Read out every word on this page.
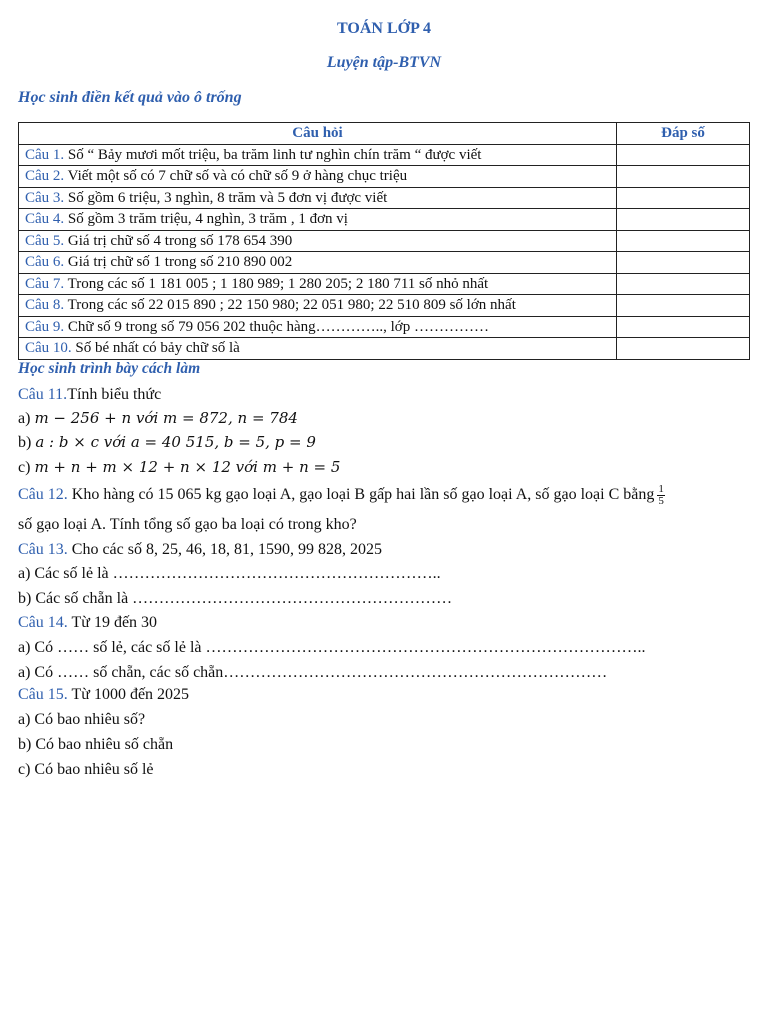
TOÁN LỚP 4
Luyện tập-BTVN
Học sinh điền kết quả vào ô trống
Câu hỏi	Đáp số
Câu 1. Số “ Bảy mươi mốt triệu, ba trăm linh tư nghìn chín trăm “ được viết	
Câu 2. Viết một số có 7 chữ số và có chữ số 9 ở hàng chục triệu	
Câu 3. Số gồm 6 triệu, 3 nghìn, 8 trăm và 5 đơn vị được viết	
Câu 4. Số gồm 3 trăm triệu, 4 nghìn, 3 trăm , 1 đơn vị	
Câu 5. Giá trị chữ số 4 trong số 178 654 390	
Câu 6. Giá trị chữ số 1 trong số 210 890 002	
Câu 7. Trong các số 1 181 005 ; 1 180 989; 1 280 205; 2 180 711 số nhỏ nhất	
Câu 8. Trong các số 22 015 890 ; 22 150 980; 22 051 980; 22 510 809 số lớn nhất	
Câu 9. Chữ số 9 trong số 79 056 202 thuộc hàng………….., lớp ……………	
Câu 10. Số bé nhất có bảy chữ số là	
Học sinh trình bày cách làm
Câu 11.Tính biểu thức
a) m − 256 + n với m = 872, n = 784
b) a : b × c với a = 40 515, b = 5, p = 9
c) m + n + m × 12 + n × 12 với m + n = 5
Câu 12. Kho hàng có 15 065 kg gạo loại A, gạo loại B gấp hai lần số gạo loại A, số gạo loại C bằng $\frac{1}{5}$
số gạo loại A. Tính tổng số gạo ba loại có trong kho?
Câu 13. Cho các số 8, 25, 46, 18, 81, 1590, 99 828, 2025
a) Các số lẻ là ……………………………………………………..
b) Các số chẵn là ……………………………………………………
Câu 14. Từ 19 đến 30
a) Có …… số lẻ, các số lẻ là ………………………………………………………………………..
a) Có …… số chẵn, các số chẵn………………………………………………………………
Câu 15. Từ 1000 đến 2025
a) Có bao nhiêu số?
b) Có bao nhiêu số chẵn
c) Có bao nhiêu số lẻ
